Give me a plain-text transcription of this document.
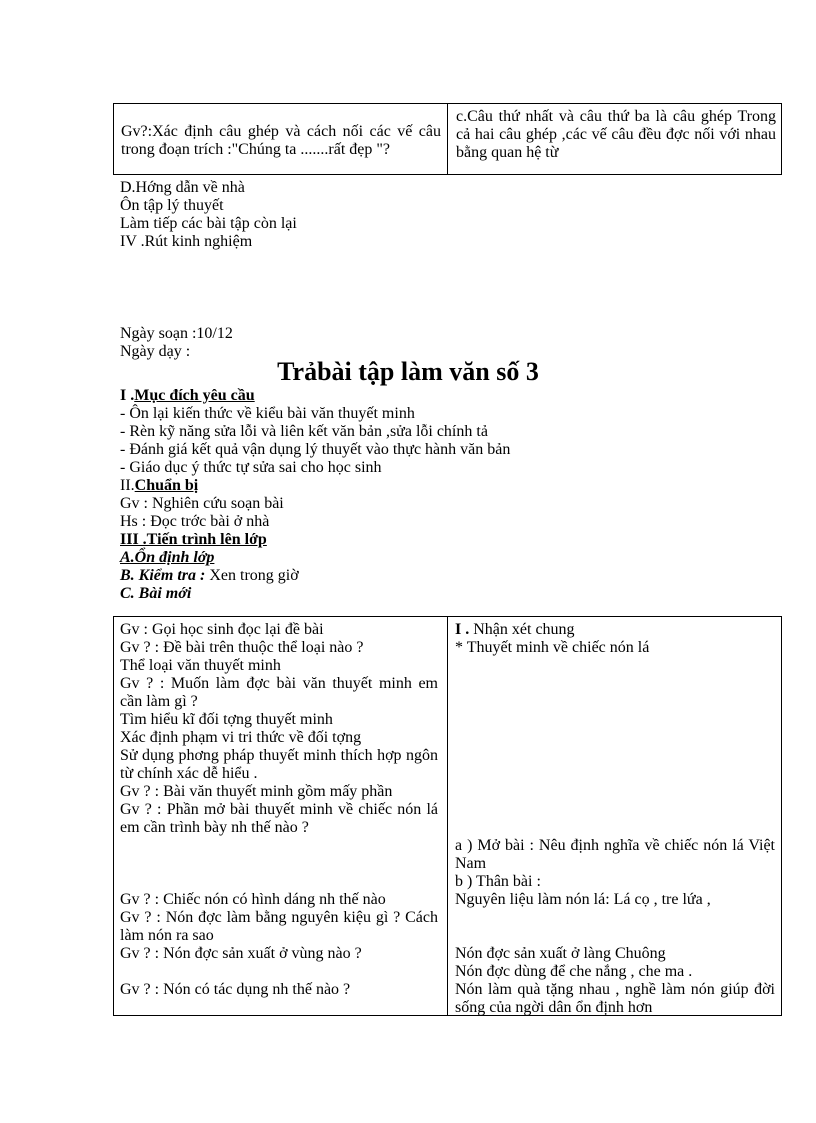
Gv?:Xác định câu ghép và cách nối các vế câu trong đoạn trích :"Chúng ta .......rất đẹp "?
c.Câu thứ nhất và câu thứ ba là câu ghép Trong cả hai câu ghép ,các vế câu đều đợc nối với nhau bằng quan hệ từ
D.Hớng dẫn về nhà
Ôn tập lý thuyết
Làm tiếp các bài tập còn lại
IV .Rút kinh nghiệm
Ngày soạn :10/12
Ngày dạy :
Trảbài tập làm văn số 3
I .Mục đích yêu cầu
- Ôn lại kiến thức về kiểu bài văn thuyết minh
- Rèn kỹ năng sửa lỗi và liên kết văn bản ,sửa lỗi chính tả
- Đánh giá kết quả vận dụng lý thuyết vào thực hành văn bản
- Giáo dục ý thức tự sửa sai cho học sinh
II.Chuẩn bị
Gv : Nghiên cứu soạn bài
Hs : Đọc trớc bài ở nhà
III .Tiến trình lên lớp
A.Ổn định lớp
B. Kiểm tra : Xen trong giờ
C. Bài mới
Gv : Gọi học sinh đọc lại đề bài
Gv ? : Đề bài trên thuộc thể loại nào ?
Thể loại văn thuyết minh
Gv ? : Muốn làm đợc bài văn thuyết minh em cần làm gì ?
Tìm hiểu kĩ đối tợng thuyết minh
Xác định phạm vi tri thức về đối tợng
Sử dụng phơng pháp thuyết minh thích hợp ngôn từ chính xác dễ hiểu .
Gv ? : Bài văn thuyết minh gồm mấy phần
Gv ? : Phần mở bài thuyết minh về chiếc nón lá em cần trình bày nh thế nào ?
Gv ? : Chiếc nón có hình dáng nh thế nào
Gv ? : Nón đợc làm bằng nguyên kiệu gì ? Cách làm nón ra sao
Gv ? : Nón đợc sản xuất ở vùng nào ?
Gv ? : Nón có tác dụng nh thế nào ?
I . Nhận xét chung
* Thuyết minh về chiếc nón lá
a ) Mở bài : Nêu định nghĩa về chiếc nón lá Việt Nam
b ) Thân bài :
Nguyên liệu làm nón lá: Lá cọ , tre lứa ,
Nón đợc sản xuất ở làng Chuông
Nón đợc dùng để che nắng , che ma .
Nón làm quà tặng nhau , nghề làm nón giúp đời sống của ngời dân ổn định hơn
